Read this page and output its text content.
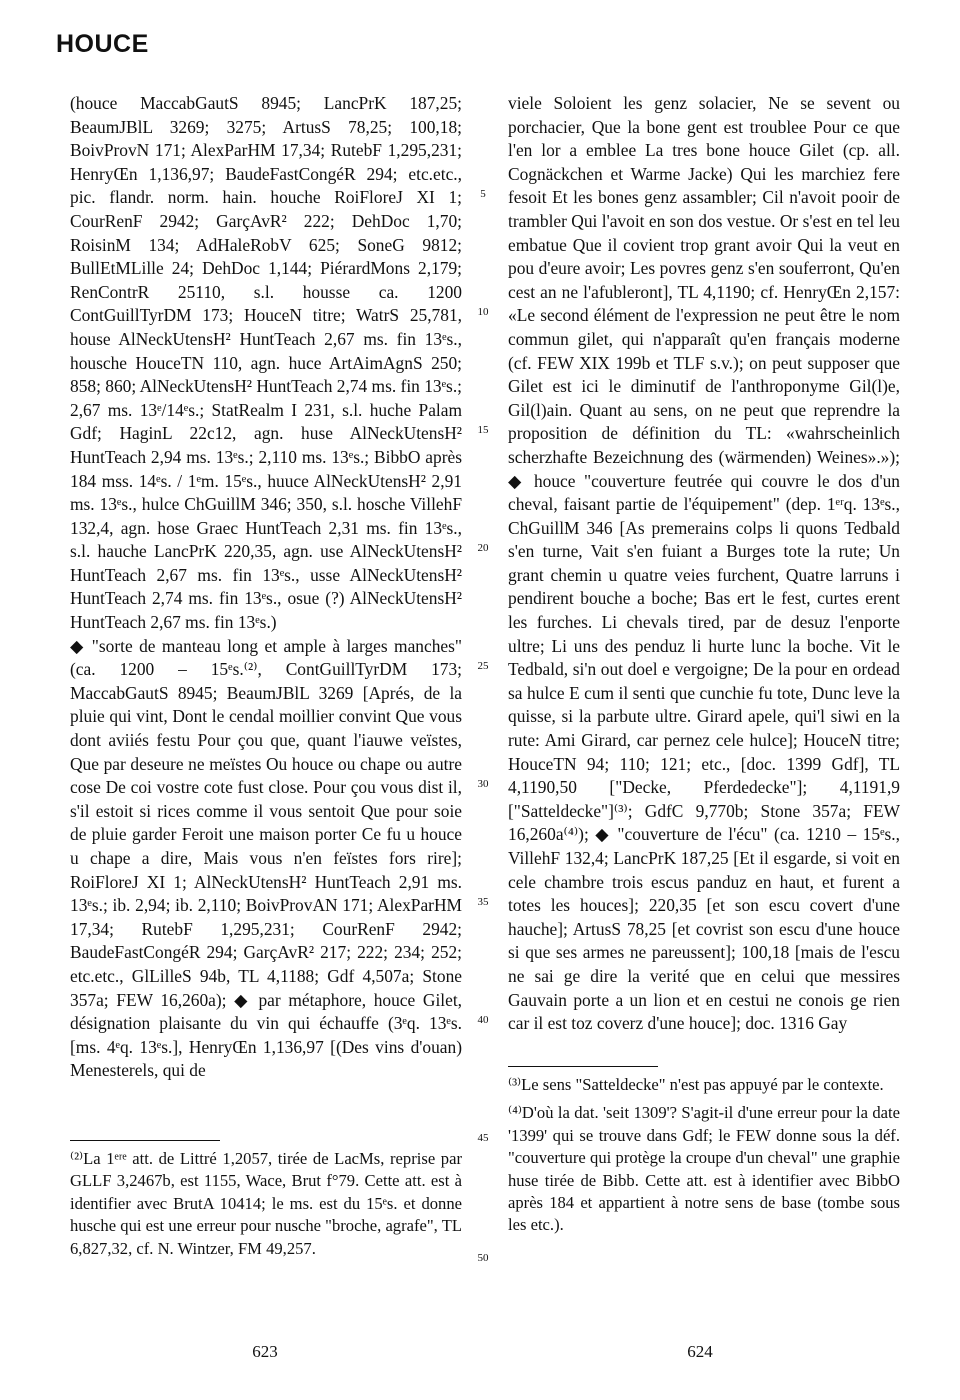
HOUCE

(houce MaccabGautS 8945; LancPrK 187,25; BeaumJBlL 3269; 3275; ArtusS 78,25; 100,18; BoivProvN 171; AlexParHM 17,34; RutebF 1,295,231; HenryŒn 1,136,97; BaudeFastCongéR 294; etc.etc., pic. flandr. norm. hain. houche RoiFloreJ XI 1; CourRenF 2942; GarçAvR² 222; DehDoc 1,70; RoisinM 134; AdHaleRobV 625; SoneG 9812; BullEtMLille 24; DehDoc 1,144; PiérardMons 2,179; RenContrR 25110, s.l. housse ca. 1200 ContGuillTyrDM 173; HouceN titre; WatrS 25,781, house AlNeckUtensH² HuntTeach 2,67 ms. fin 13ᵉs., housche HouceTN 110, agn. huce ArtAimAgnS 250; 858; 860; AlNeckUtensH² HuntTeach 2,74 ms. fin 13ᵉs.; 2,67 ms. 13ᵉ/14ᵉs.; StatRealm I 231, s.l. huche Palam Gdf; HaginL 22c12, agn. huse AlNeckUtensH² HuntTeach 2,94 ms. 13ᵉs.; 2,110 ms. 13ᵉs.; BibbO après 184 mss. 14ᵉs. / 1ᵉm. 15ᵉs., huuce AlNeckUtensH² 2,91 ms. 13ᵉs., hulce ChGuillM 346; 350, s.l. hosche VillehF 132,4, agn. hose Graec HuntTeach 2,31 ms. fin 13ᵉs., s.l. hauche LancPrK 220,35, agn. use AlNeckUtensH² HuntTeach 2,67 ms. fin 13ᵉs., usse AlNeckUtensH² HuntTeach 2,74 ms. fin 13ᵉs., osue (?) AlNeckUtensH² HuntTeach 2,67 ms. fin 13ᵉs.)

◆ "sorte de manteau long et ample à larges manches" (ca. 1200 – 15ᵉs.⁽²⁾, ContGuillTyrDM 173; MaccabGautS 8945; BeaumJBlL 3269 [Aprés, de la pluie qui vint, Dont le cendal moillier convint Que vous dont aviiés festu Pour çou que, quant l'iauwe veïstes, Que par deseure ne meïstes Ou houce ou chape ou autre cose De coi vostre cote fust close. Pour çou vous dist il, s'il estoit si rices comme il vous sentoit Que pour soie de pluie garder Feroit une maison porter Ce fu u houce u chape a dire, Mais vous n'en feïstes fors rire]; RoiFloreJ XI 1; AlNeckUtensH² HuntTeach 2,91 ms. 13ᵉs.; ib. 2,94; ib. 2,110; BoivProvAN 171; AlexParHM 17,34; RutebF 1,295,231; CourRenF 2942; BaudeFastCongéR 294; GarçAvR² 217; 222; 234; 252; etc.etc., GlLilleS 94b, TL 4,1188; Gdf 4,507a; Stone 357a; FEW 16,260a); ◆ par métaphore, houce Gilet, désignation plaisante du vin qui échauffe (3ᵉq. 13ᵉs. [ms. 4ᵉq. 13ᵉs.], HenryŒn 1,136,97 [(Des vins d'ouan) Menesterels, qui de

5
10
15
20
25
30
35
40
45
50

viele Soloient les genz solacier, Ne se sevent ou porchacier, Que la bone gent est troublee Pour ce que l'en lor a emblee La tres bone houce Gilet (cp. all. Cognäckchen et Warme Jacke) Qui les marchiez fere fesoit Et les bones genz assambler; Cil n'avoit pooir de trambler Qui l'avoit en son dos vestue. Or s'est en tel leu embatue Que il covient trop grant avoir Qui la veut en pou d'eure avoir; Les povres genz s'en souferront, Qu'en cest an ne l'afubleront], TL 4,1190; cf. HenryŒn 2,157: «Le second élément de l'expression ne peut être le nom commun gilet, qui n'apparaît qu'en français moderne (cf. FEW XIX 199b et TLF s.v.); on peut supposer que Gilet est ici le diminutif de l'anthroponyme Gil(l)e, Gil(l)ain. Quant au sens, on ne peut que reprendre la proposition de définition du TL: «wahrscheinlich scherzhafte Bezeichnung des (wärmenden) Weines».»); ◆ houce "couverture feutrée qui couvre le dos d'un cheval, faisant partie de l'équipement" (dep. 1ᵉʳq. 13ᵉs., ChGuillM 346 [As premerains colps li quons Tedbald s'en turne, Vait s'en fuiant a Burges tote la rute; Un grant chemin u quatre veies furchent, Quatre larruns i pendirent bouche a boche; Bas ert le fest, curtes erent les furches. Li chevals tired, par de desuz l'enporte ultre; Li uns des penduz li hurte lunc la boche. Vit le Tedbald, si'n out doel e vergoigne; De la pour en ordead sa hulce E cum il senti que cunchie fu tote, Dunc leve la quisse, si la parbute ultre. Girard apele, qui'l siwi en la rute: Ami Girard, car pernez cele hulce]; HouceN titre; HouceTN 94; 110; 121; etc., [doc. 1399 Gdf], TL 4,1190,50 ["Decke, Pferdedecke"]; 4,1191,9 ["Satteldecke"]⁽³⁾; GdfC 9,770b; Stone 357a; FEW 16,260a⁽⁴⁾); ◆ "couverture de l'écu" (ca. 1210 – 15ᵉs., VillehF 132,4; LancPrK 187,25 [Et il esgarde, si voit en cele chambre trois escus panduz en haut, et furent a totes les houces]; 220,35 [et son escu covert d'une hauche]; ArtusS 78,25 [et covrist son escu d'une houce si que ses armes ne pareussent]; 100,18 [mais de l'escu ne sai ge dire la verité que en celui que messires Gauvain porte a un lion et en cestui ne conois ge rien car il est toz coverz d'une houce]; doc. 1316 Gay

⁽²⁾La 1ᵉʳᵉ att. de Littré 1,2057, tirée de LacMs, reprise par GLLF 3,2467b, est 1155, Wace, Brut f°79. Cette att. est à identifier avec BrutA 10414; le ms. est du 15ᵉs. et donne husche qui est une erreur pour nusche "broche, agrafe", TL 6,827,32, cf. N. Wintzer, FM 49,257.

⁽³⁾Le sens "Satteldecke" n'est pas appuyé par le contexte.

⁽⁴⁾D'où la dat. 'seit 1309'? S'agit-il d'une erreur pour la date '1399' qui se trouve dans Gdf; le FEW donne sous la déf. "couverture qui protège la croupe d'un cheval" une graphie huse tirée de Bibb. Cette att. est à identifier avec BibbO après 184 et appartient à notre sens de base (tombe sous les etc.).

623	624
